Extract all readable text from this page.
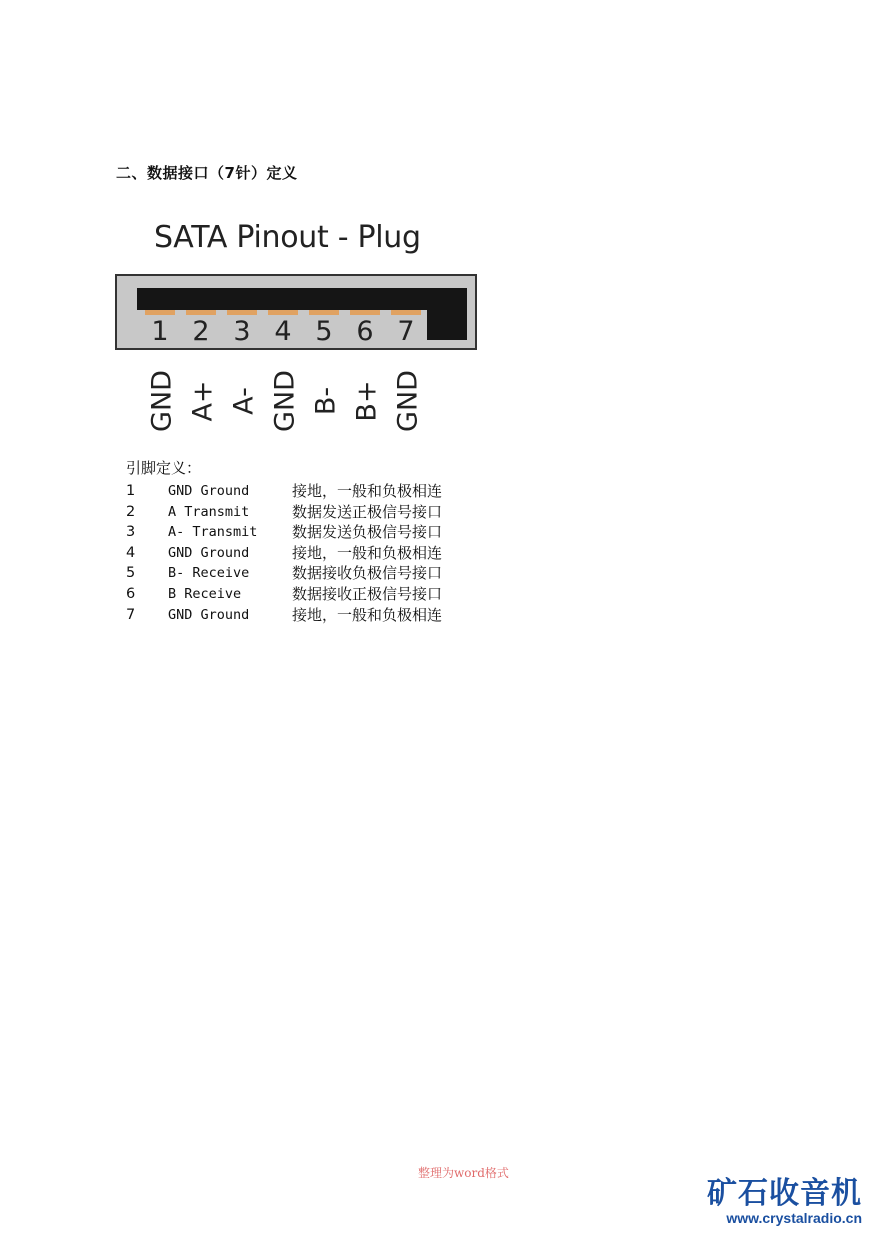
二、数据接口（7针）定义
SATA Pinout - Plug
1 2 3 4 5 6 7
GND A+ A- GND B- B+ GND
引脚定义：
1 GND Ground	接地，一般和负极相连
2 A Transmit	数据发送正极信号接口
3 A- Transmit 数据发送负极信号接口
4 GND Ground	接地，一般和负极相连
5 B- Receive	数据接收负极信号接口
6 B Receive	数据接收正极信号接口
7 GND Ground	接地，一般和负极相连
整理为word格式
矿石收音机
www.crystalradio.cn
